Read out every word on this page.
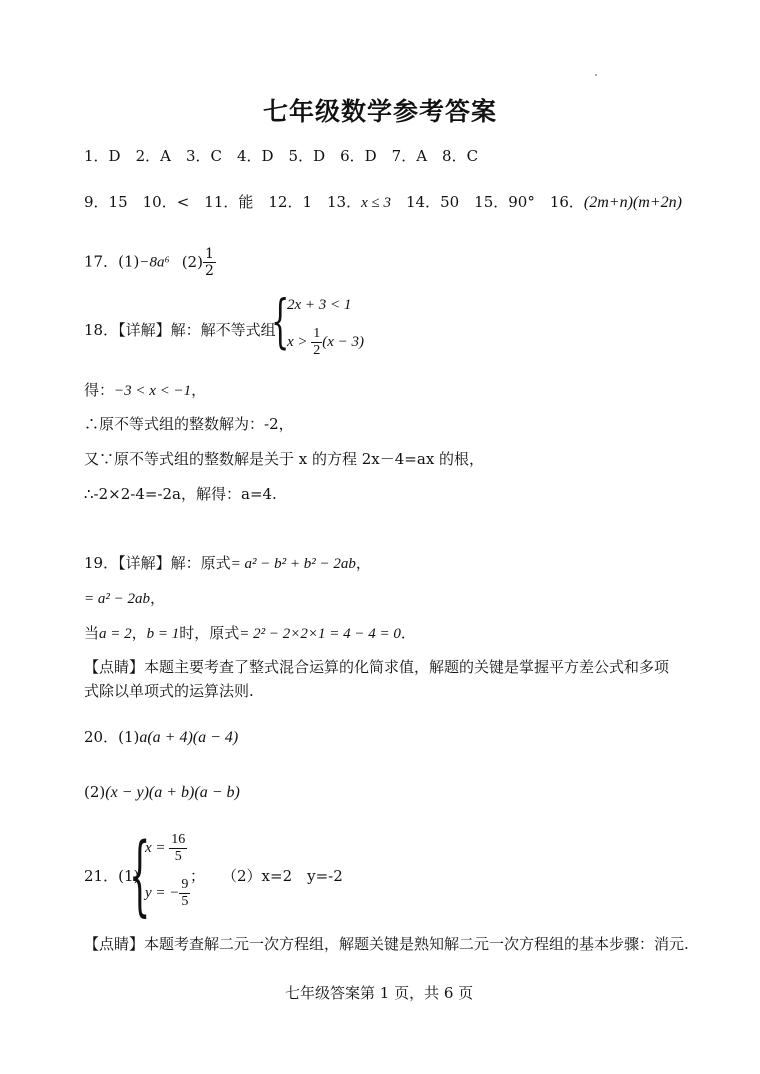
七年级数学参考答案
1．D　2．A　3．C　4．D　5．D　6．D　7．A　8．C
9．15　10．<　11．能　12．1　13．x ≤ 3　14．50　15．90°　16．(2m+n)(m+2n)
17．(1)−8a⁶ $(2) \frac{1}{2}$
18．【详解】解：解不等式组
{
2x + 3 < 1
$x > \frac{1}{2} (x - 3)$
得：−3 < x < −1，
∴原不等式组的整数解为：-2，
又∵原不等式组的整数解是关于 x 的方程 2x－4=ax 的根，
∴-2×2-4=-2a，解得：a=4.
19．【详解】解：原式= a² − b² + b² − 2ab，
= a² − 2ab，
当a = 2，b = 1时，原式= 2² − 2×2×1 = 4 − 4 = 0．
【点睛】本题主要考查了整式混合运算的化简求值，解题的关键是掌握平方差公式和多项
式除以单项式的运算法则.
20．(1)a(a + 4)(a − 4)
(2)(x − y)(a + b)(a − b)
21．(1)
{
$x = \frac{16}{5}$
y = − $\frac{9}{5}$
； （2）x=2　y=-2
【点睛】本题考查解二元一次方程组，解题关键是熟知解二元一次方程组的基本步骤：消元.
七年级答案第 1 页，共 6 页
